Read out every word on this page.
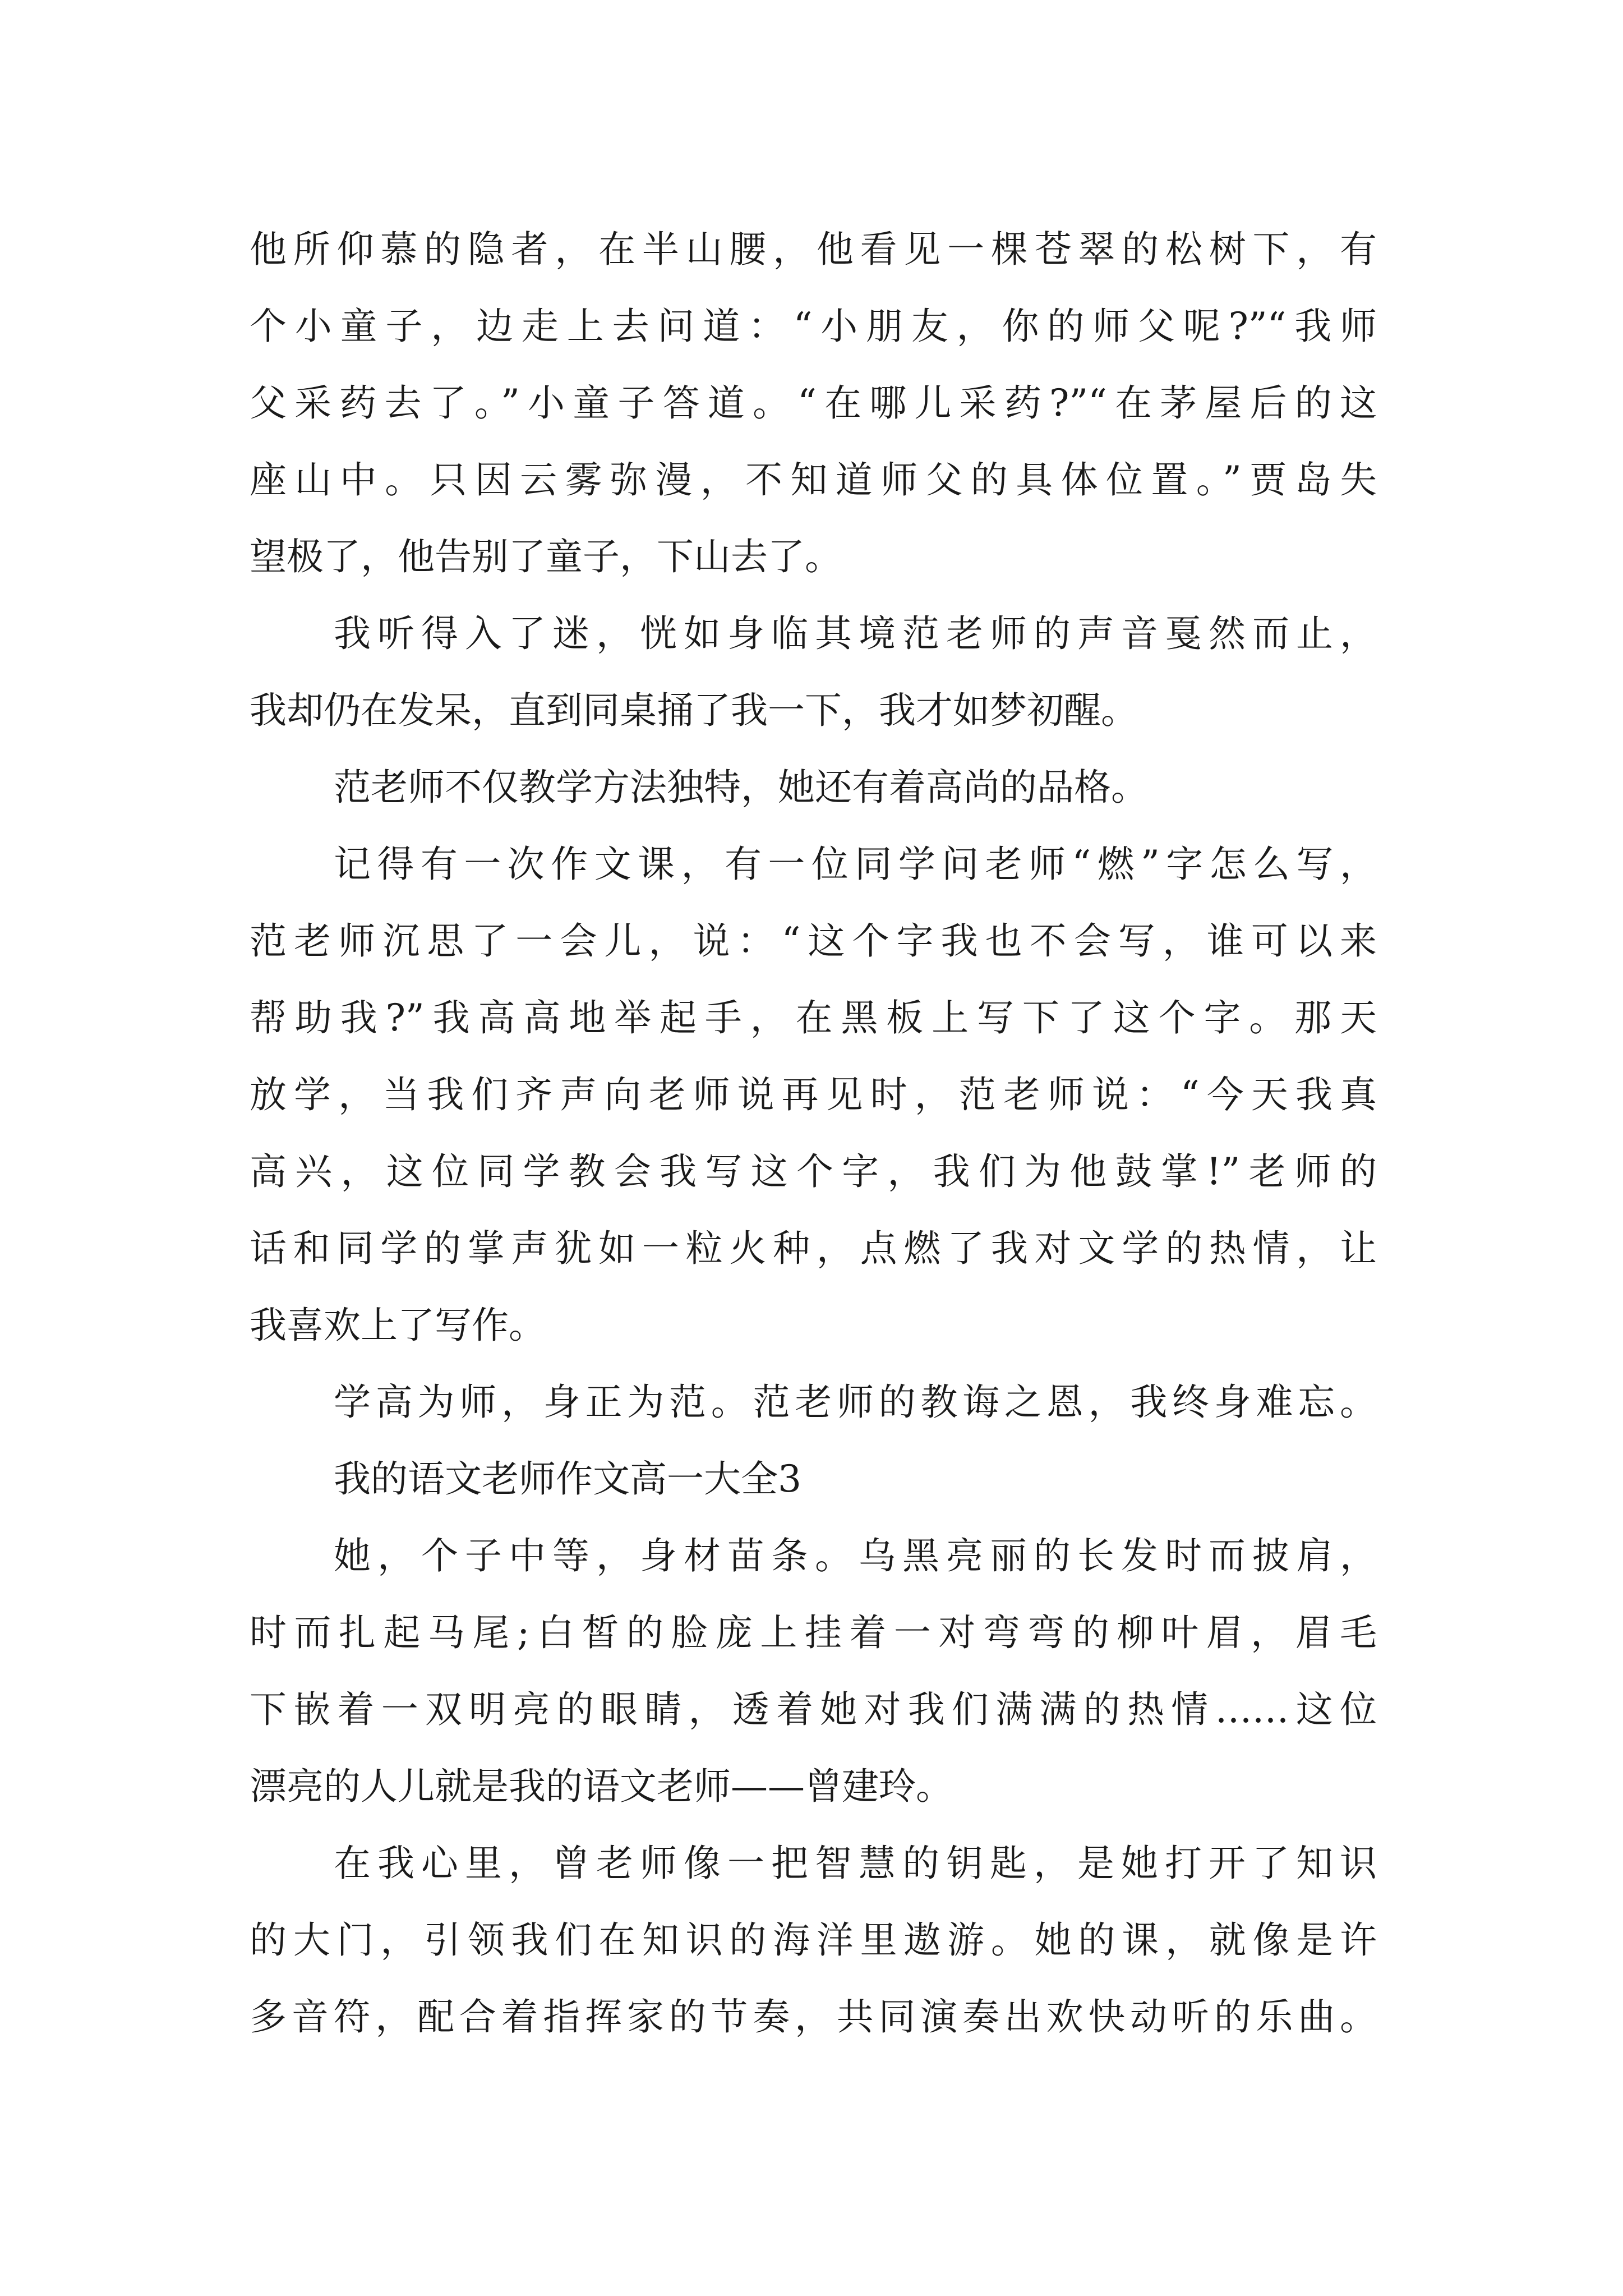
他所仰慕的隐者，在半山腰，他看见一棵苍翠的松树下，有
个小童子，边走上去问道：“小朋友，你的师父呢?”“我师
父采药去了。”小童子答道。“在哪儿采药?”“在茅屋后的这
座山中。只因云雾弥漫，不知道师父的具体位置。”贾岛失
望极了，他告别了童子，下山去了。
我听得入了迷，恍如身临其境范老师的声音戛然而止，
我却仍在发呆，直到同桌捅了我一下，我才如梦初醒。
范老师不仅教学方法独特，她还有着高尚的品格。
记得有一次作文课，有一位同学问老师“燃”字怎么写，
范老师沉思了一会儿，说：“这个字我也不会写，谁可以来
帮助我?”我高高地举起手，在黑板上写下了这个字。那天
放学，当我们齐声向老师说再见时，范老师说：“今天我真
高兴，这位同学教会我写这个字，我们为他鼓掌!”老师的
话和同学的掌声犹如一粒火种，点燃了我对文学的热情，让
我喜欢上了写作。
学高为师，身正为范。范老师的教诲之恩，我终身难忘。
我的语文老师作文高一大全3
她，个子中等，身材苗条。乌黑亮丽的长发时而披肩，
时而扎起马尾;白皙的脸庞上挂着一对弯弯的柳叶眉，眉毛
下嵌着一双明亮的眼睛，透着她对我们满满的热情……这位
漂亮的人儿就是我的语文老师——曾建玲。
在我心里，曾老师像一把智慧的钥匙，是她打开了知识
的大门，引领我们在知识的海洋里遨游。她的课，就像是许
多音符，配合着指挥家的节奏，共同演奏出欢快动听的乐曲。
